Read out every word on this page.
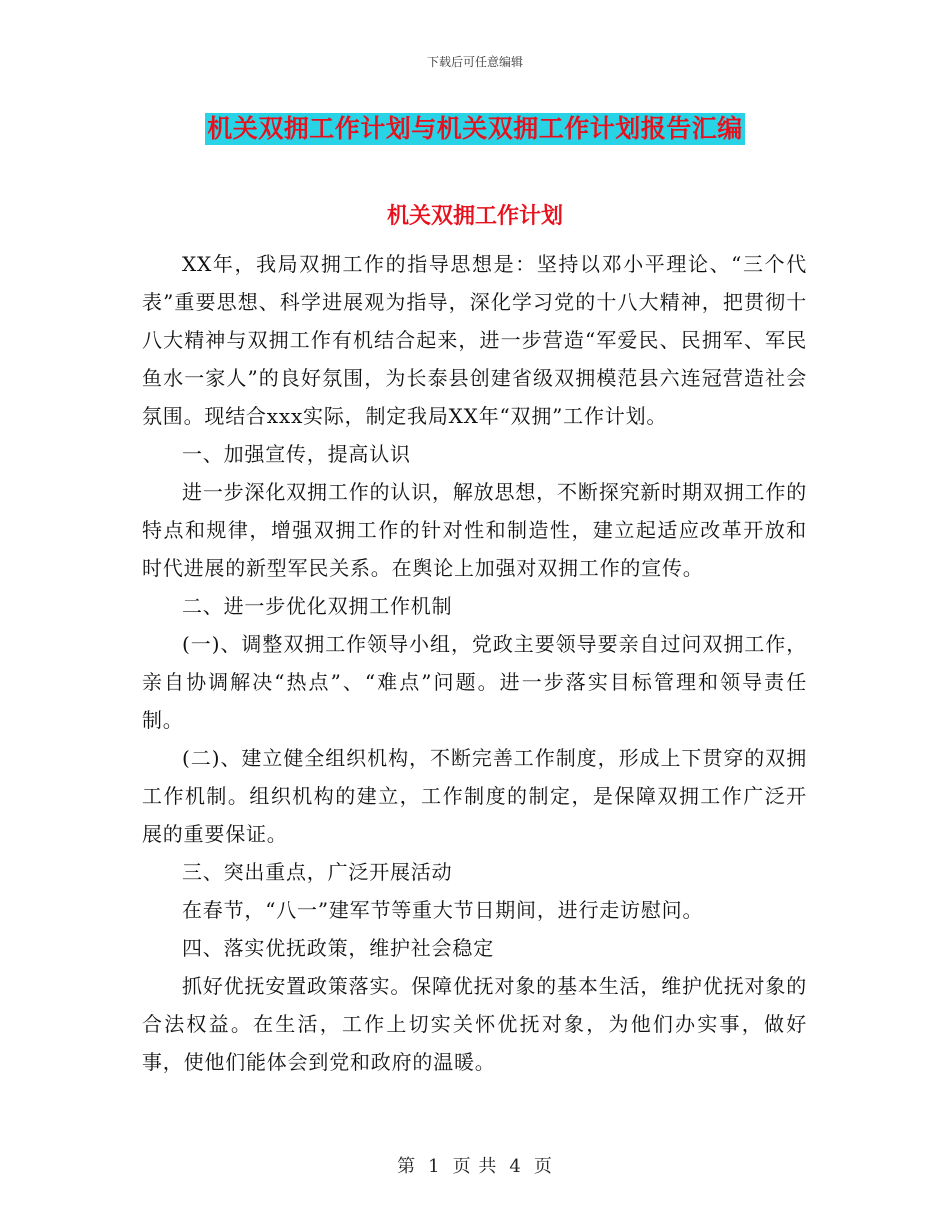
下载后可任意编辑
机关双拥工作计划与机关双拥工作计划报告汇编
机关双拥工作计划

XX年，我局双拥工作的指导思想是：坚持以邓小平理论、“三个代表”重要思想、科学进展观为指导，深化学习党的十八大精神，把贯彻十八大精神与双拥工作有机结合起来，进一步营造“军爱民、民拥军、军民鱼水一家人”的良好氛围，为长泰县创建省级双拥模范县六连冠营造社会氛围。现结合xxx实际，制定我局XX年“双拥”工作计划。

一、加强宣传，提高认识

进一步深化双拥工作的认识，解放思想，不断探究新时期双拥工作的特点和规律，增强双拥工作的针对性和制造性，建立起适应改革开放和时代进展的新型军民关系。在舆论上加强对双拥工作的宣传。

二、进一步优化双拥工作机制

(一)、调整双拥工作领导小组，党政主要领导要亲自过问双拥工作，亲自协调解决“热点”、“难点”问题。进一步落实目标管理和领导责任制。

(二)、建立健全组织机构，不断完善工作制度，形成上下贯穿的双拥工作机制。组织机构的建立，工作制度的制定，是保障双拥工作广泛开展的重要保证。

三、突出重点，广泛开展活动

在春节，“八一”建军节等重大节日期间，进行走访慰问。

四、落实优抚政策，维护社会稳定

抓好优抚安置政策落实。保障优抚对象的基本生活，维护优抚对象的合法权益。在生活，工作上切实关怀优抚对象，为他们办实事，做好事，使他们能体会到党和政府的温暖。

第 1 页 共 4 页
